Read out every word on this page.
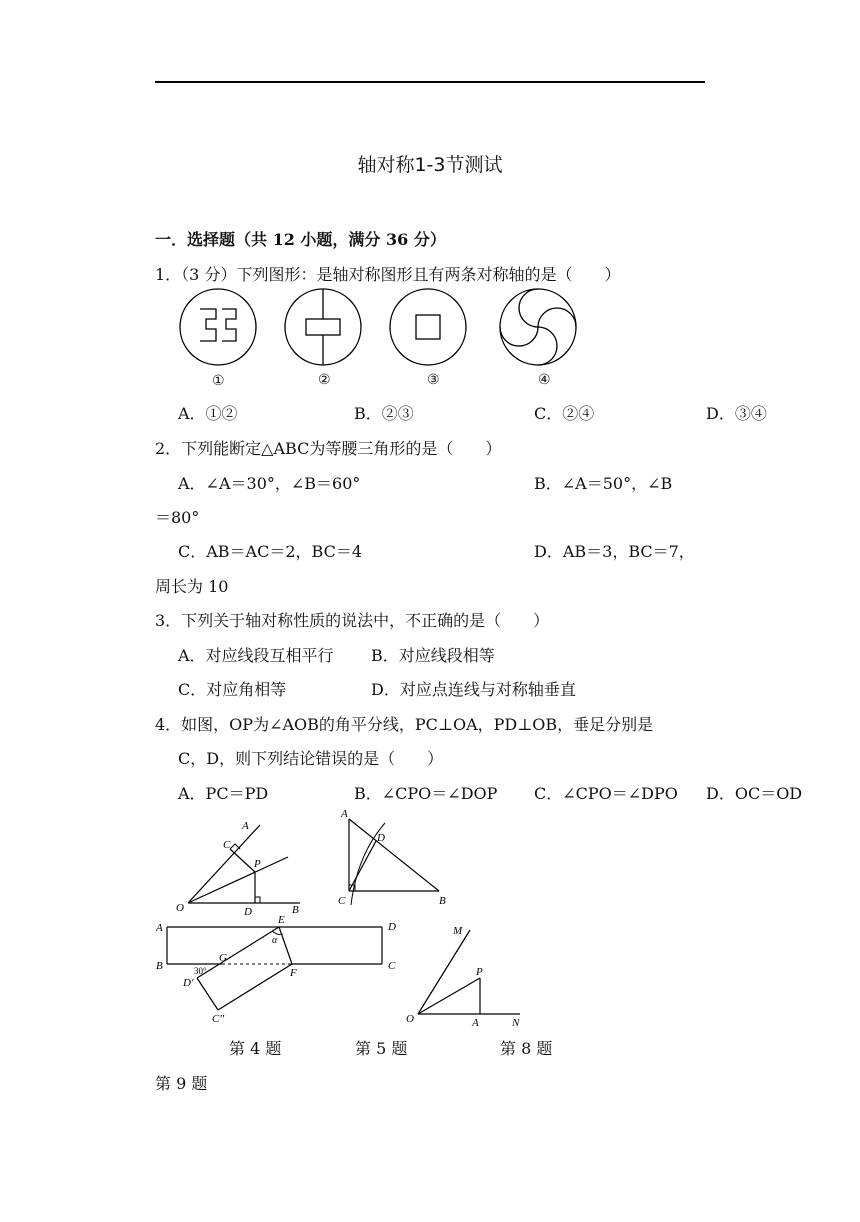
轴对称1-3节测试
一．选择题（共 12 小题，满分 36 分）
1．（3 分）下列图形：是轴对称图形且有两条对称轴的是（　　）
①	②	③	④
A．①②	B．②③	C．②④	D．③④
2．下列能断定△ABC为等腰三角形的是（　　）
A．∠A＝30°，∠B＝60°	B．∠A＝50°，∠B
＝80°
C．AB＝AC＝2，BC＝4	D．AB＝3，BC＝7，
周长为 10
3．下列关于轴对称性质的说法中，不正确的是（　　）
A．对应线段互相平行 B．对应线段相等
C．对应角相等	D．对应点连线与对称轴垂直
4．如图，OP为∠AOB的角平分线，PC⊥OA，PD⊥OB，垂足分别是
C，D，则下列结论错误的是（　　）
A．PC＝PD	B．∠CPO＝∠DOP C．∠CPO＝∠DPO D．OC＝OD
A
C
P
O	D	B
A
D
C	B
A
E
D
B
G
F
C
D'
C''
30°
α
M
P
O	A	N
第 4 题	第 5 题	第 8 题
第 9 题
